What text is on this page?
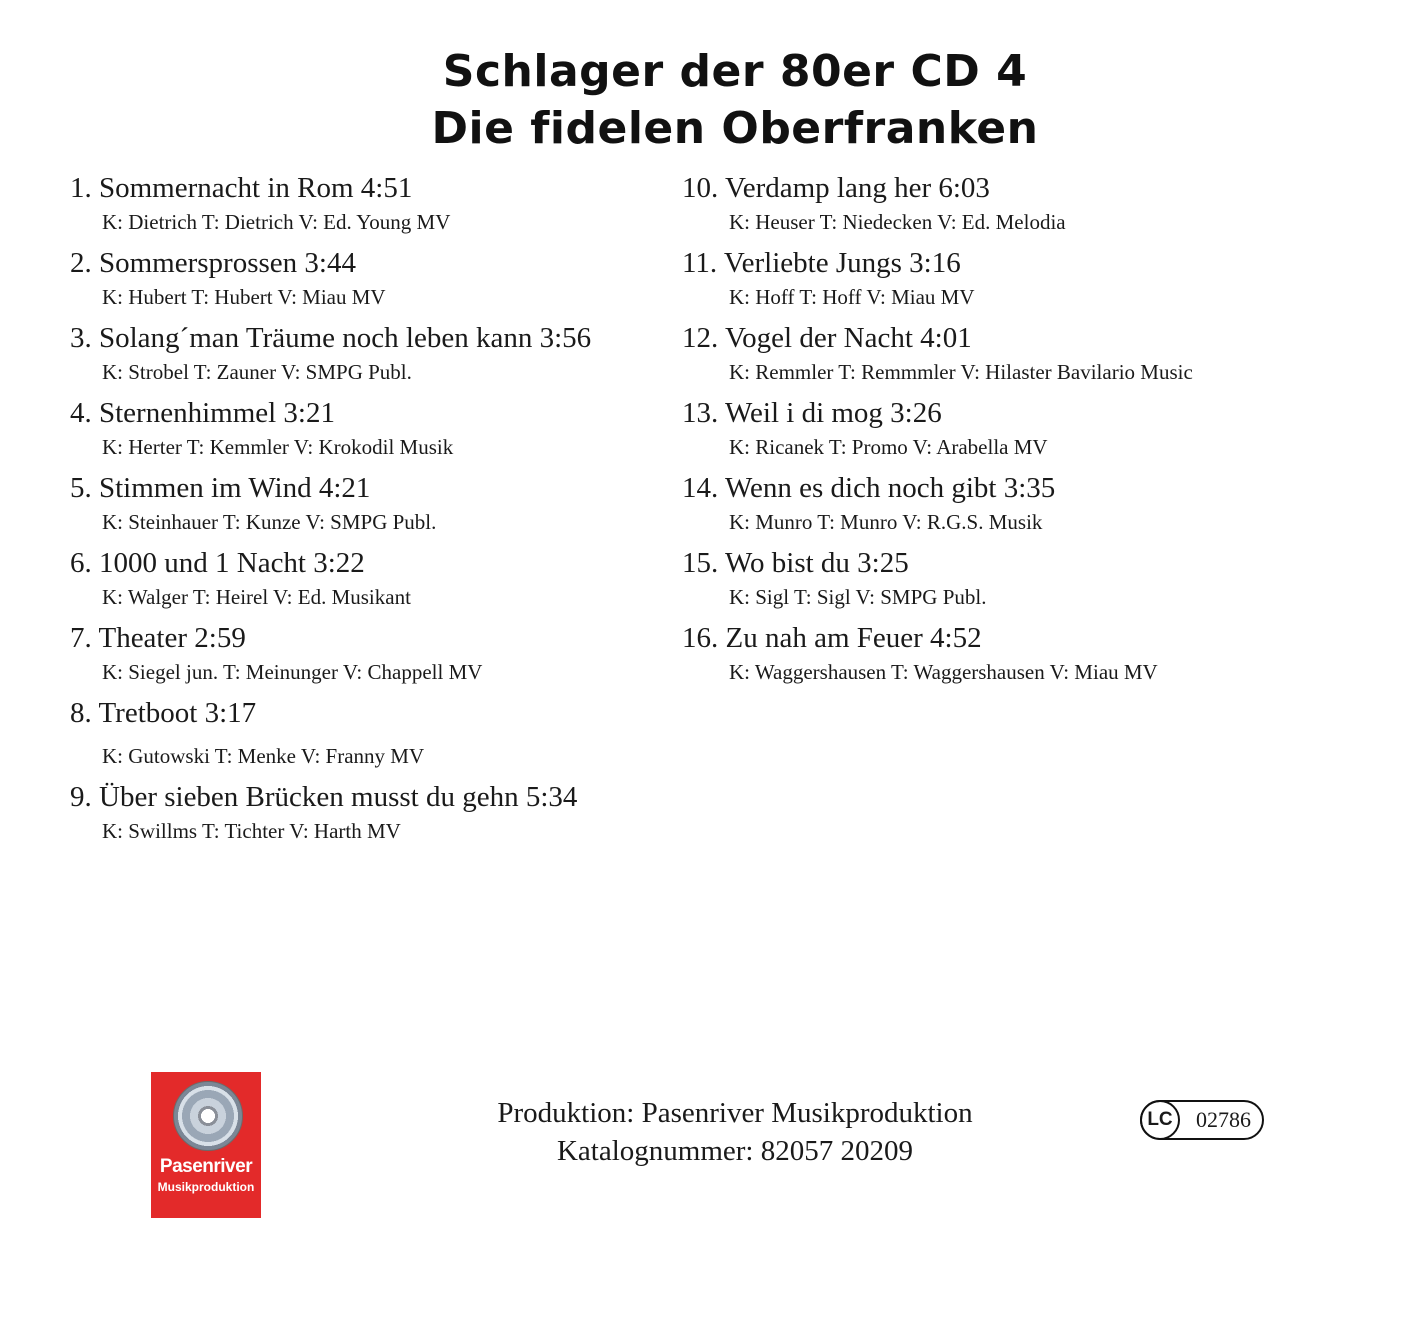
Schlager der 80er CD 4
Die fidelen Oberfranken
1. Sommernacht in Rom 4:51
K: Dietrich T: Dietrich V: Ed. Young MV
2. Sommersprossen 3:44
K: Hubert T: Hubert V: Miau MV
3. Solang´man Träume noch leben kann 3:56
K: Strobel T: Zauner V: SMPG Publ.
4. Sternenhimmel 3:21
K: Herter T: Kemmler V: Krokodil Musik
5. Stimmen im Wind 4:21
K: Steinhauer T: Kunze V: SMPG Publ.
6. 1000 und 1 Nacht 3:22
K: Walger T: Heirel V: Ed. Musikant
7. Theater 2:59
K: Siegel jun. T: Meinunger V: Chappell MV
8. Tretboot 3:17
K: Gutowski T: Menke V: Franny MV
9. Über sieben Brücken musst du gehn 5:34
K: Swillms T: Tichter V: Harth MV
10. Verdamp lang her 6:03
K: Heuser T: Niedecken V: Ed. Melodia
11. Verliebte Jungs 3:16
K: Hoff T: Hoff V: Miau MV
12. Vogel der Nacht 4:01
K: Remmler T: Remmmler V: Hilaster Bavilario Music
13. Weil i di mog 3:26
K: Ricanek T: Promo V: Arabella MV
14. Wenn es dich noch gibt 3:35
K: Munro T: Munro V: R.G.S. Musik
15. Wo bist du 3:25
K: Sigl T: Sigl V: SMPG Publ.
16. Zu nah am Feuer 4:52
K: Waggershausen T: Waggershausen V: Miau MV
Pasenriver
Musikproduktion
Produktion: Pasenriver Musikproduktion
Katalognummer: 82057 20209
LC	02786
